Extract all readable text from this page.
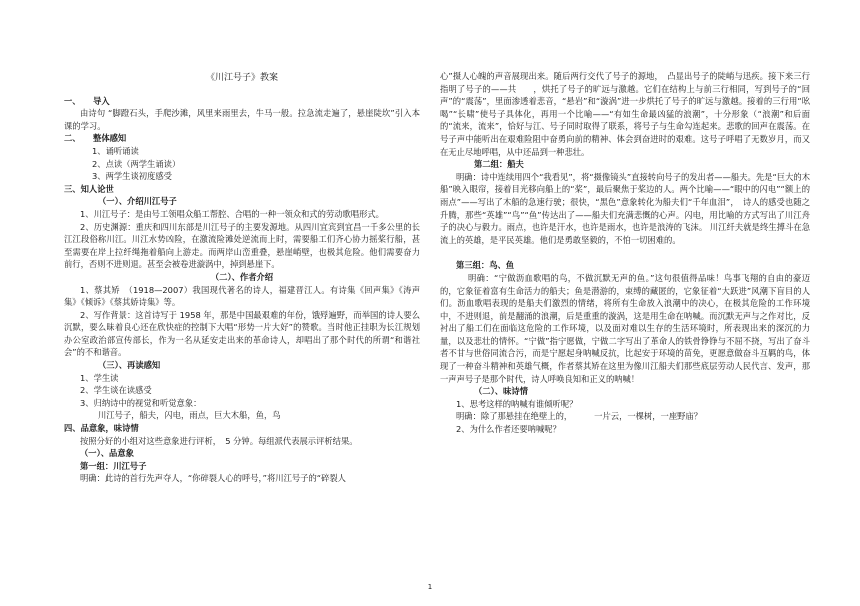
《川江号子》教案
一、　　导入
由诗句 “脚蹬石头，手爬沙滩，风里来雨里去，牛马一般。拉急流走遍了，悬崖陡坎”引入本课的学习。
二、　　整体感知
1、诵听诵读
2、点读（两学生诵读）
3、两学生谈初度感受
三、知人论世
（一）、介绍川江号子
1、川江号子：是由号工领唱众船工帮腔、合唱的一种一领众和式的劳动歌唱形式。
2、历史渊源：重庆和四川东部是川江号子的主要发源地。从四川宜宾到宜昌一千多公里的长江江段俗称川江。川江水势凶险，在激流险滩处逆流而上时，需要船工们齐心协力摇桨行船，甚至需要在岸上拉纤绳拖着船向上游走。而两岸山峦重叠，悬崖峭壁，也极其危险。他们需要奋力前行，否则不进则退。甚至会被卷进漩涡中，掉到悬崖下。
（二）、作者介绍
1、蔡其矫　（1918—2007）我国现代著名的诗人，福建晋江人。有诗集《回声集》《涛声集》《倾诉》《蔡其娇诗集》等。
2、写作背景：这首诗写于 1958 年，那是中国最艰难的年份，饿殍遍野，而举国的诗人要么沉默，要么昧着良心还在欣快症的控制下大唱“形势一片大好”的赞歌。当时他正挂职为长江规划办公室政治部宣传部长，作为一名从延安走出来的革命诗人，却唱出了那个时代的所谓“和谐社会”的不和谐音。
（三）、再读感知
1、学生读
2、学生谈在读感受
3、归纳诗中的视觉和听觉意象：
川江号子，船夫，闪电，雨点，巨大木船，鱼，鸟
四、品意象，味诗情
按照分好的小组对这些意象进行评析，　5 分钟。每组派代表展示评析结果。
（一）、品意象
第一组：川江号子
明确：此诗的首行先声夺人，“你碎裂人心的呼号，”将川江号子的“碎裂人
心”摄人心魄的声音展现出来。随后两行交代了号子的源地，　凸显出号子的陡峭与迅疾。接下来三行指明了号子的——共　　，烘托了号子的旷远与激越。它们在结构上与前三行相同，写到号子的“回声”的“震荡”，里面渗透着悲音，“悬岩”和“漩涡”进一步烘托了号子的旷远与激越。接着的三行用“吆喝”“长啸”使号子具体化，再用一个比喻——“有如生命最凶猛的浪潮”，十分形象（“浪潮”和后面的“流来，流来”，恰好与江、号子同时取得了联系，将号子与生命勾连起来。悲歌的回声在震荡。在号子声中能听出在艰难险阻中奋勇向前的精神、体会到奋进时的艰难。这号子呼唱了无数岁月，而又在无止尽地呼唱，从中还品到一种悲壮。
第二组：船夫
明确：诗中连续用四个“我看见”，将“摄像镜头”直接转向号子的发出者——船夫。先是“巨大的木船”映入眼帘，接着目光移向船上的“桨”，最后聚焦于桨边的人。两个比喻——“眼中的闪电”“额上的雨点”——写出了木船的急速行驶；很快，“黑色”意象转化为船夫们“千年血泪”，　诗人的感受也随之升腾，那些“英雄”“鸟”“鱼”传达出了——船夫们充满悲慨的心声。闪电，用比喻的方式写出了川江舟子的决心与毅力。雨点，也许是汗水，也许是雨水，也许是浪涛的飞沫。 川江纤夫就是终生搏斗在急流上的英雄，是平民英雄。他们是勇敢坚毅的，不怕一切困难的。
第三组：鸟、鱼
明确：“宁做沥血歌唱的鸟，不做沉默无声的鱼。”这句很值得品味！鸟事飞翔的自由的豪迈的，它象征着富有生命活力的船夫；鱼是潜游的，束缚的藏匿的，它象征着“大跃进”风潮下盲目的人们。沥血歌唱表现的是船夫们激烈的情绪，将所有生命放入浪潮中的决心，在极其危险的工作环境中，不进则退，前是翻涌的浪潮，后是重重的漩涡，这是用生命在呐喊。而沉默无声与之作对比，反衬出了船工们在面临这危险的工作环境，以及面对难以生存的生活环境时，所表现出来的深沉的力量，以及悲壮的情怀。“宁做”指宁愿做，宁做二字写出了革命人的铁骨铮铮与不屈不挠，写出了奋斗者不甘与世俗同流合污，而是宁愿起身呐喊反抗，比起安于环境的苗免，更愿意做奋斗互羁的鸟，体现了一种奋斗精神和英雄气概，作者蔡其矫在这里为像川江船夫们那些底层劳动人民代言、发声，那一声声号子是那个时代，诗人呼唤良知和正义的呐喊！
（二）、味诗情
1、思考这样的呐喊有谁倾听呢？
明确：除了那悬挂在绝壁上的，	一片云，一棵树，一座野庙？
2、为什么作者还要呐喊呢？
1
